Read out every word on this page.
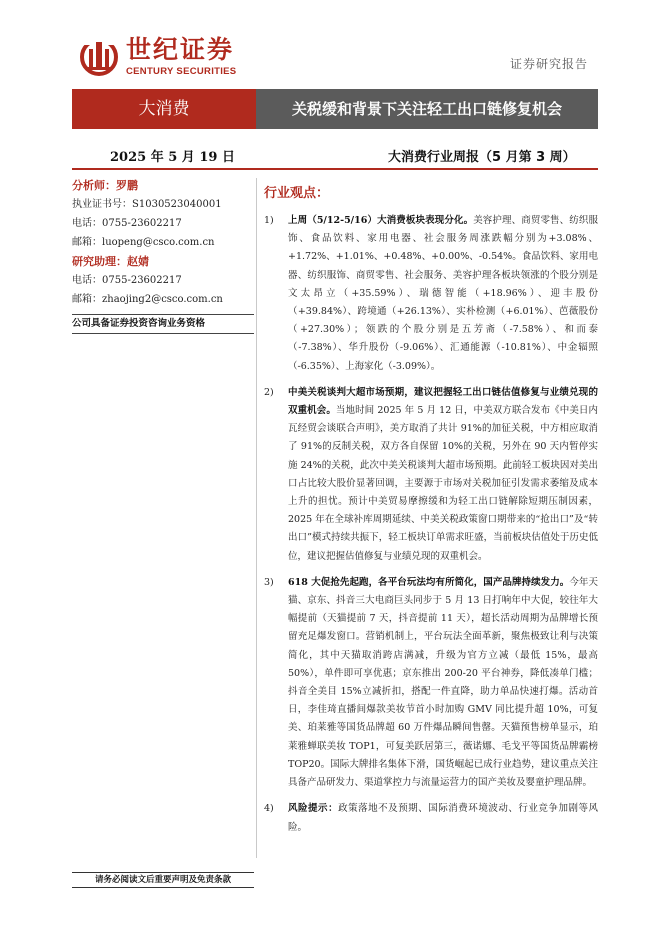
世纪证券
CENTURY SECURITIES
证券研究报告
大消费	关税缓和背景下关注轻工出口链修复机会
2025 年 5 月 19 日	大消费行业周报（5 月第 3 周）
分析师：罗鹏
执业证书号：S1030523040001
电话：0755-23602217
邮箱：luopeng@csco.com.cn
研究助理：赵婧
电话：0755-23602217
邮箱：zhaojing2@csco.com.cn
公司具备证券投资咨询业务资格
行业观点：
1) 上周（5/12-5/16）大消费板块表现分化。美容护理、商贸零售、纺织服饰、食品饮料、家用电器、社会服务周涨跌幅分别为+3.08%、+1.72%、+1.01%、+0.48%、+0.00%、-0.54%。食品饮料、家用电器、纺织服饰、商贸零售、社会服务、美容护理各板块领涨的个股分别是文太昂立（+35.59%）、瑞德智能（+18.96%）、迎丰股份（+39.84%）、跨境通（+26.13%）、实朴检测（+6.01%）、芭薇股份（+27.30%）；领跌的个股分别是五芳斋（-7.58%）、和而泰（-7.38%）、华升股份（-9.06%）、汇通能源（-10.81%）、中金辐照（-6.35%）、上海家化（-3.09%）。
2) 中美关税谈判大超市场预期，建议把握轻工出口链估值修复与业绩兑现的双重机会。当地时间 2025 年 5 月 12 日，中美双方联合发布《中美日内瓦经贸会谈联合声明》，美方取消了共计 91%的加征关税，中方相应取消了 91%的反制关税，双方各自保留 10%的关税，另外在 90 天内暂停实施 24%的关税，此次中美关税谈判大超市场预期。此前轻工板块因对美出口占比较大股价显著回调，主要源于市场对关税加征引发需求萎缩及成本上升的担忧。预计中美贸易摩擦缓和为轻工出口链解除短期压制因素，2025 年在全球补库周期延续、中美关税政策窗口期带来的“抢出口”及“转出口”模式持续共振下，轻工板块订单需求旺盛，当前板块估值处于历史低位，建议把握估值修复与业绩兑现的双重机会。
3) 618 大促抢先起跑，各平台玩法均有所简化，国产品牌持续发力。今年天猫、京东、抖音三大电商巨头同步于 5 月 13 日打响年中大促，较往年大幅提前（天猫提前 7 天，抖音提前 11 天），超长活动周期为品牌增长预留充足爆发窗口。营销机制上，平台玩法全面革新，聚焦极致让利与决策简化，其中天猫取消跨店满减，升级为官方立减（最低 15%，最高 50%），单件即可享优惠；京东推出 200-20 平台神券，降低凑单门槛；抖音全美目 15%立减折扣，搭配一件直降，助力单品快速打爆。活动首日，李佳琦直播间爆款美妆节首小时加购 GMV 同比提升超 10%，可复美、珀莱雅等国货品牌超 60 万件爆品瞬间售罄。天猫预售榜单显示，珀莱雅蝉联美妆 TOP1，可复美跃居第三，薇诺娜、毛戈平等国货品牌霸榜 TOP20。国际大牌排名集体下滑，国货崛起已成行业趋势，建议重点关注具备产品研发力、渠道掌控力与流量运营力的国产美妆及婴童护理品牌。
4) 风险提示：政策落地不及预期、国际消费环境波动、行业竞争加剧等风险。
请务必阅读文后重要声明及免责条款
